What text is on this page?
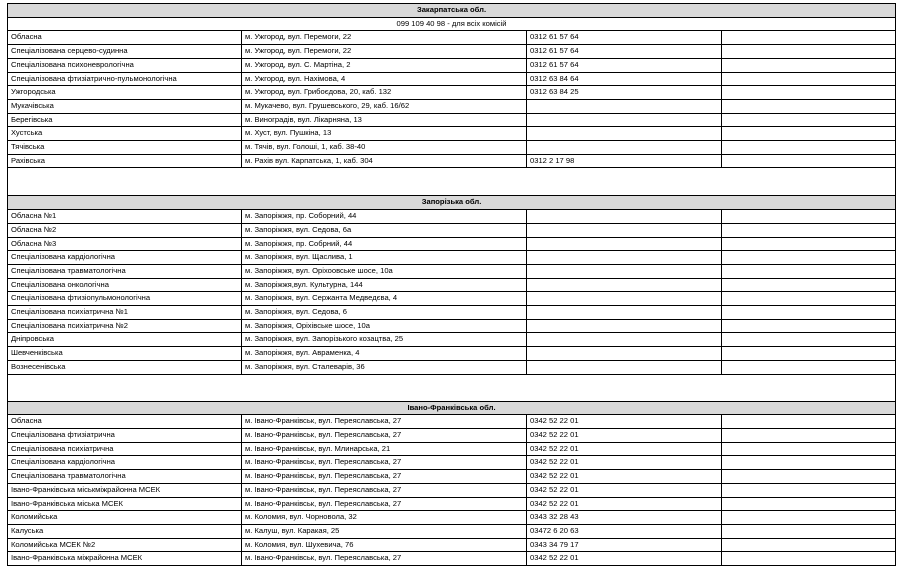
Закарпатська обл.			
099 109 40 98 - для всіх комісій			
Обласна	м. Ужгород, вул. Перемоги, 22	0312 61 57 64	
Спеціалізована серцево-судинна	м. Ужгород, вул. Перемоги, 22	0312 61 57 64	
Спеціалізована психоневрологічна	м. Ужгород, вул. С. Мартіна, 2	0312 61 57 64	
Спеціалізована фтизіатрично-пульмонологічна	м. Ужгород, вул. Нахімова, 4	0312 63 84 64	
Ужгородська	м. Ужгород, вул. Грибоєдова, 20, каб. 132	0312 63 84 25	
Мукачівська	м. Мукачево, вул. Грушевського, 29, каб. 16/62		
Берегівська	м. Виноградів, вул. Лікарняна, 13		
Хустська	м. Хуст, вул. Пушкіна, 13		
Тячівська	м. Тячів, вул. Голоші, 1, каб. 38-40		
Рахівська	м. Рахів вул. Карпатська, 1, каб. 304	0312 2 17 98	

Запорізька обл.			
Обласна №1	м. Запоріжжя, пр. Соборний, 44		
Обласна №2	м. Запоріжжя, вул. Седова, 6а		
Обласна №3	м. Запоріжжя, пр. Собрний, 44		
Спеціалізована кардіологічна	м. Запоріжжя, вул. Щаслива, 1		
Спеціалізована травматологічна	м. Запоріжжя, вул. Оріхоовське шосе, 10а		
Спеціалізована онкологічна	м. Запоріжжя,вул. Культурна, 144		
Спеціалізована фтизіопульмонологічна	м. Запоріжжя, вул. Сержанта Медведєва, 4		
Спеціалізована психіатрична №1	м. Запоріжжя, вул. Седова, 6		
Спеціалізована психіатрична №2	м. Запоріжжя, Оріхівське шосе, 10а		
Дніпровська	м. Запоріжжя, вул. Запорізького козацтва, 25		
Шевченківська	м. Запоріжжя, вул. Авраменка, 4		
Вознесенівська	м. Запоріжжя, вул. Сталеварів, 36		

Івано-Франківська обл.			
Обласна	м. Івано-Франківськ, вул. Переяславська, 27	0342 52 22 01	
Спеціалізована фтизіатрична	м. Івано-Франківськ, вул. Переяславська, 27	0342 52 22 01	
Спеціалізована психіатрична	м. Івано-Франківськ, вул. Млинарська, 21	0342 52 22 01	
Спеціалізована кардіологічна	м. Івано-Франківськ, вул. Переяславська, 27	0342 52 22 01	
Спеціалізована травматологічна	м. Івано-Франківськ, вул. Переяславська, 27	0342 52 22 01	
Івано-Франківська міськміжрайонна МСЕК	м. Івано-Франківськ, вул. Переяславська, 27	0342 52 22 01	
Івано-Франківська міська МСЕК	м. Івано-Франківськ, вул. Переяславська, 27	0342 52 22 01	
Коломийська	м. Коломия, вул. Чорновола, 32	0343 32 28 43	
Калуська	м. Калуш, вул. Каракая, 25	03472 6 20 63	
Коломийська МСЕК №2	м. Коломия, вул. Шухевича, 76	0343 34 79 17	
Івано-Франківська міжрайонна МСЕК	м. Івано-Франківськ, вул. Переяславська, 27	0342 52 22 01	
